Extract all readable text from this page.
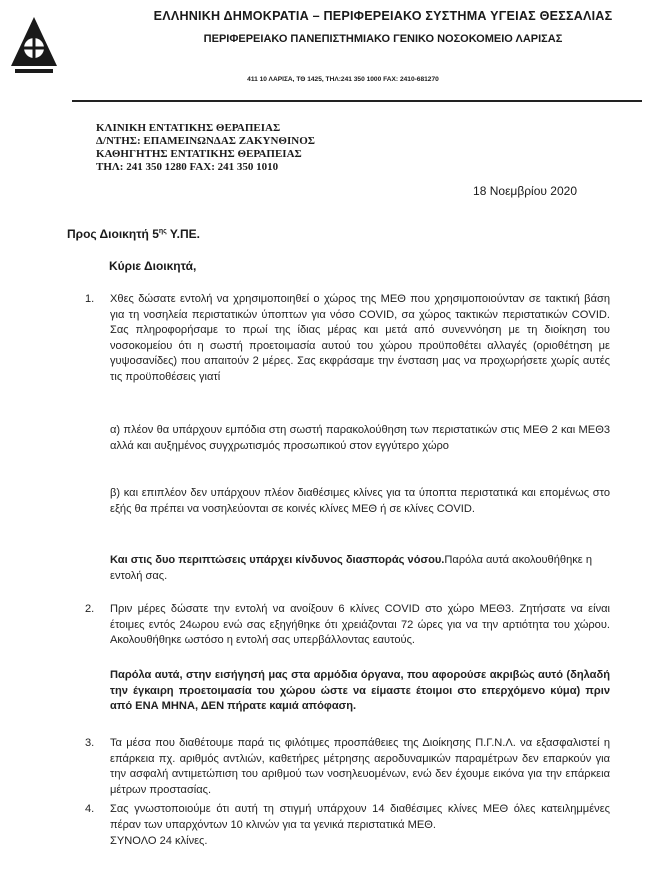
ΕΛΛΗΝΙΚΗ ΔΗΜΟΚΡΑΤΙΑ – ΠΕΡΙΦΕΡΕΙΑΚΟ ΣΥΣΤΗΜΑ ΥΓΕΙΑΣ ΘΕΣΣΑΛΙΑΣ
ΠΕΡΙΦΕΡΕΙΑΚΟ ΠΑΝΕΠΙΣΤΗΜΙΑΚΟ ΓΕΝΙΚΟ ΝΟΣΟΚΟΜΕΙΟ ΛΑΡΙΣΑΣ
411 10 ΛΑΡΙΣΑ, ΤΘ 1425, ΤΗΛ:241 350 1000 FAX: 2410-681270
ΚΛΙΝΙΚΗ ΕΝΤΑΤΙΚΗΣ ΘΕΡΑΠΕΙΑΣ
Δ/ΝΤΗΣ: ΕΠΑΜΕΙΝΩΝΔΑΣ ΖΑΚΥΝΘΙΝΟΣ
ΚΑΘΗΓΗΤΗΣ ΕΝΤΑΤΙΚΗΣ ΘΕΡΑΠΕΙΑΣ
ΤΗΛ: 241 350 1280 FAX: 241 350 1010
18 Νοεμβρίου 2020
Προς Διοικητή $5^{\eta\varsigma}$ Υ.ΠΕ.
Κύριε Διοικητά,
1. Χθες δώσατε εντολή να χρησιμοποιηθεί ο χώρος της ΜΕΘ που χρησιμοποιούνταν σε τακτική βάση για τη νοσηλεία περιστατικών ύποπτων για νόσο COVID, σα χώρος τακτικών περιστατικών COVID. Σας πληροφορήσαμε το πρωί της ίδιας μέρας και μετά από συνεννόηση με τη διοίκηση του νοσοκομείου ότι η σωστή προετοιμασία αυτού του χώρου προϋποθέτει αλλαγές (οριοθέτηση με γυψοσανίδες) που απαιτούν 2 μέρες. Σας εκφράσαμε την ένσταση μας να προχωρήσετε χωρίς αυτές τις προϋποθέσεις γιατί
α) πλέον θα υπάρχουν εμπόδια στη σωστή παρακολούθηση των περιστατικών στις ΜΕΘ 2 και ΜΕΘ3 αλλά και αυξημένος συγχρωτισμός προσωπικού στον εγγύτερο χώρο
β) και επιπλέον δεν υπάρχουν πλέον διαθέσιμες κλίνες για τα ύποπτα περιστατικά και επομένως στο εξής θα πρέπει να νοσηλεύονται σε κοινές κλίνες ΜΕΘ ή σε κλίνες COVID.
Και στις δυο περιπτώσεις υπάρχει κίνδυνος διασποράς νόσου.Παρόλα αυτά ακολουθήθηκε η εντολή σας.
2. Πριν μέρες δώσατε την εντολή να ανοίξουν 6 κλίνες COVID στο χώρο ΜΕΘ3. Ζητήσατε να είναι έτοιμες εντός 24ωρου ενώ σας εξηγήθηκε ότι χρειάζονται 72 ώρες για να την αρτιότητα του χώρου. Ακολουθήθηκε ωστόσο η εντολή σας υπερβάλλοντας εαυτούς.
Παρόλα αυτά, στην εισήγησή μας στα αρμόδια όργανα, που αφορούσε ακριβώς αυτό (δηλαδή την έγκαιρη προετοιμασία του χώρου ώστε να είμαστε έτοιμοι στο επερχόμενο κύμα) πριν από ΕΝΑ ΜΗΝΑ, ΔΕΝ πήρατε καμιά απόφαση.
3. Τα μέσα που διαθέτουμε παρά τις φιλότιμες προσπάθειες της Διοίκησης Π.Γ.Ν.Λ. να εξασφαλιστεί η επάρκεια πχ. αριθμός αντλιών, καθετήρες μέτρησης αεροδυναμικών παραμέτρων δεν επαρκούν για την ασφαλή αντιμετώπιση του αριθμού των νοσηλευομένων, ενώ δεν έχουμε εικόνα για την επάρκεια μέτρων προστασίας.
4. Σας γνωστοποιούμε ότι αυτή τη στιγμή υπάρχουν 14 διαθέσιμες κλίνες ΜΕΘ όλες κατειλημμένες πέραν των υπαρχόντων 10 κλινών για τα γενικά περιστατικά ΜΕΘ.
ΣΥΝΟΛΟ 24 κλίνες.
